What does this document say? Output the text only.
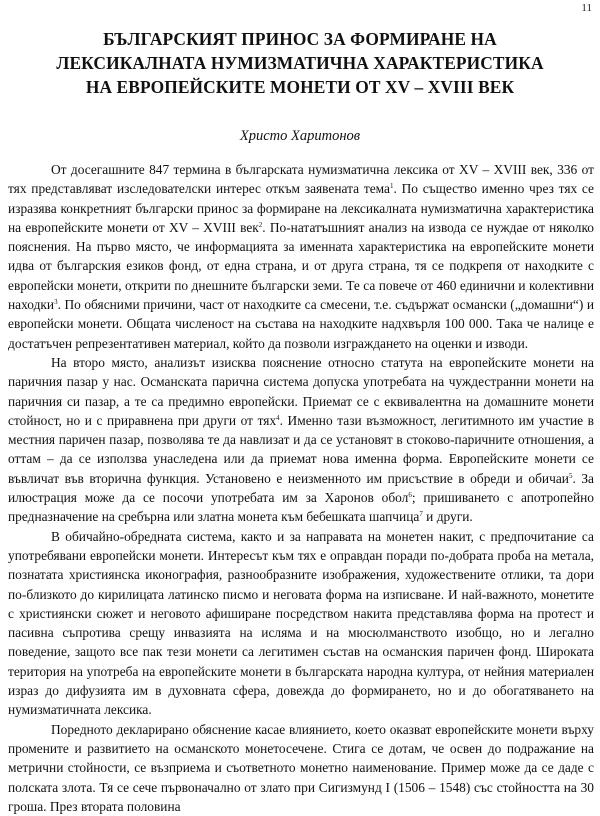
11
БЪЛГАРСКИЯТ ПРИНОС ЗА ФОРМИРАНЕ НА
ЛЕКСИКАЛНАТА НУМИЗМАТИЧНА ХАРАКТЕРИСТИКА
НА ЕВРОПЕЙСКИТЕ МОНЕТИ ОТ XV – XVIII ВЕК
Христо Харитонов

От досегашните 847 термина в българската нумизматична лексика от XV – XVIII век, 336 от тях представляват изследователски интерес откъм заявената тема$^1$. По същество именно чрез тях се изразява конкретният български принос за формиране на лексикалната нумизматична характеристика на европейските монети от XV – XVIII век$^2$. По-нататъшният анализ на извода се нуждае от няколко пояснения. На първо място, че информацията за именната характеристика на европейските монети идва от българския езиков фонд, от една страна, и от друга страна, тя се подкрепя от находките с европейски монети, открити по днешните български земи. Те са повече от 460 единични и колективни находки$^3$. По обясними причини, част от находките са смесени, т.е. съдържат османски („домашни“) и европейски монети. Общата численост на състава на находките надхвърля 100 000. Така че налице е достатъчен репрезентативен материал, който да позволи изграждането на оценки и изводи.

На второ място, анализът изисква пояснение относно статута на европейските монети на паричния пазар у нас. Османската парична система допуска употребата на чуждестранни монети на паричния си пазар, а те са предимно европейски. Приемат се с еквивалентна на домашните монети стойност, но и с приравнена при други от тях$^4$. Именно тази възможност, легитимното им участие в местния паричен пазар, позволява те да навлизат и да се установят в стоково-паричните отношения, а оттам – да се използва унаследена или да приемат нова именна форма. Европейските монети се въвличат във вторична функция. Установено е неизменното им присъствие в обреди и обичаи$^5$. За илюстрация може да се посочи употребата им за Харонов обол$^6$; пришиването с апотропейно предназначение на сребърна или златна монета към бебешката шапчица$^7$ и други.

В обичайно-обредната система, както и за направата на монетен накит, с предпочитание са употребявани европейски монети. Интересът към тях е оправдан поради по-добрата проба на метала, познатата християнска иконография, разнообразните изображения, художествените отлики, та дори по-близкото до кирилицата латинско писмо и неговата форма на изписване. И най-важното, монетите с християнски сюжет и неговото афиширане посредством накита представлява форма на протест и пасивна съпротива срещу инвазията на исляма и на мюсюлманството изобщо, но и легално поведение, защото все пак тези монети са легитимен състав на османския паричен фонд. Широката територия на употреба на европейските монети в българската народна култура, от нейния материален израз до дифузията им в духовната сфера, довежда до формирането, но и до обогатяването на нумизматичната лексика.

Поредното декларирано обяснение касае влиянието, което оказват европейските монети върху промените и развитието на османското монетосечене. Стига се дотам, че освен до подражание на метрични стойности, се възприема и съответното монетно наименование. Пример може да се даде с полската злота. Тя се сече първоначално от злато при Сигизмунд I (1506 – 1548) със стойността на 30 гроша. През втората половина
